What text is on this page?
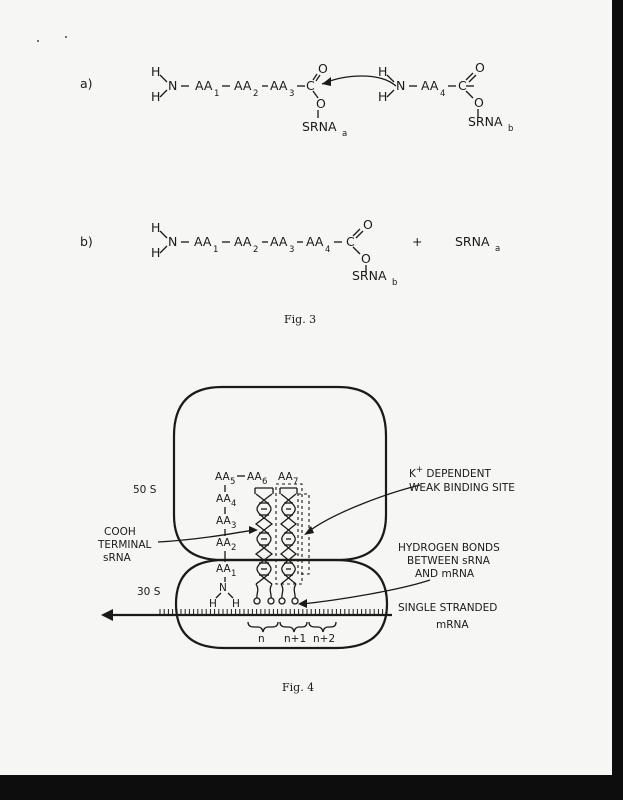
a)
H
H
N AA
1
AA
2
AA
3
C
O
O
SRNA a
H
H
N AA
4
C
O
O
SRNA b
b)
H
H
N AA
1
AA
2
AA
3
AA
4
C
O
O
SRNA b
+	SRNA a
Fig. 3
50 S
30 S
AA 5 AA 6 AA 7
AA 4
AA 3
AA 2
AA 1
N
H H
n n+1 n+2
K+ DEPENDENT
WEAK BINDING SITE
COOH
TERMINAL
sRNA
HYDROGEN BONDS
BETWEEN sRNA
AND mRNA
SINGLE STRANDED
mRNA
Fig. 4
